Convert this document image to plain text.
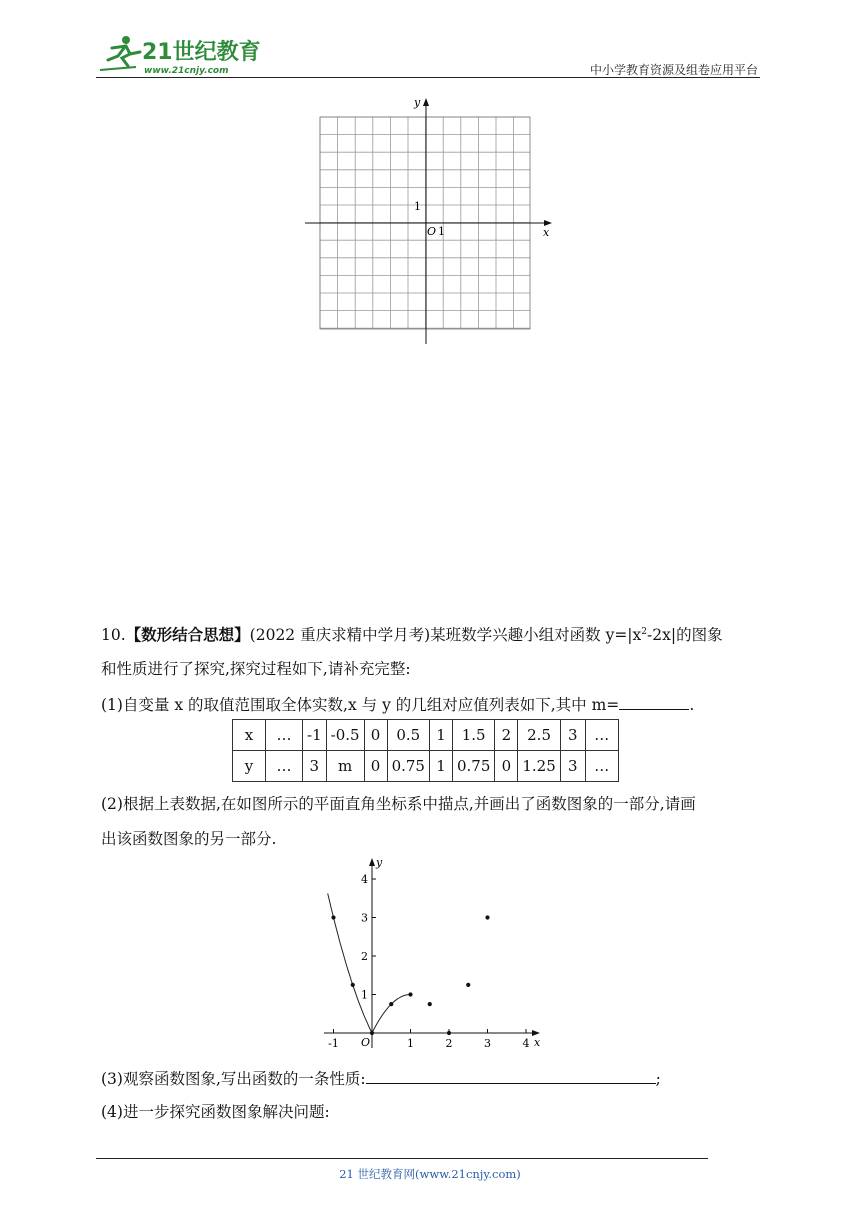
21世纪教育
www.21cnjy.com	中小学教育资源及组卷应用平台
x
y
O 1
1
10.【数形结合思想】(2022 重庆求精中学月考)某班数学兴趣小组对函数 $y=|x^2-2x|$的图象
和性质进行了探究,探究过程如下,请补充完整:
(1)自变量 x 的取值范围取全体实数,x 与 y 的几组对应值列表如下,其中 m=	.
x	…	-1	-0.5	0	0.5	1	1.5	2	2.5	3	…
y	…	3	m	0	0.75	1	0.75	0	1.25	3	…
(2)根据上表数据,在如图所示的平面直角坐标系中描点,并画出了函数图象的一部分,请画
出该函数图象的另一部分.
x
y
O
-1	1	2	3	4
1
2
3
4
(3)观察函数图象,写出函数的一条性质:	;
(4)进一步探究函数图象解决问题:
21 世纪教育网(www.21cnjy.com)
